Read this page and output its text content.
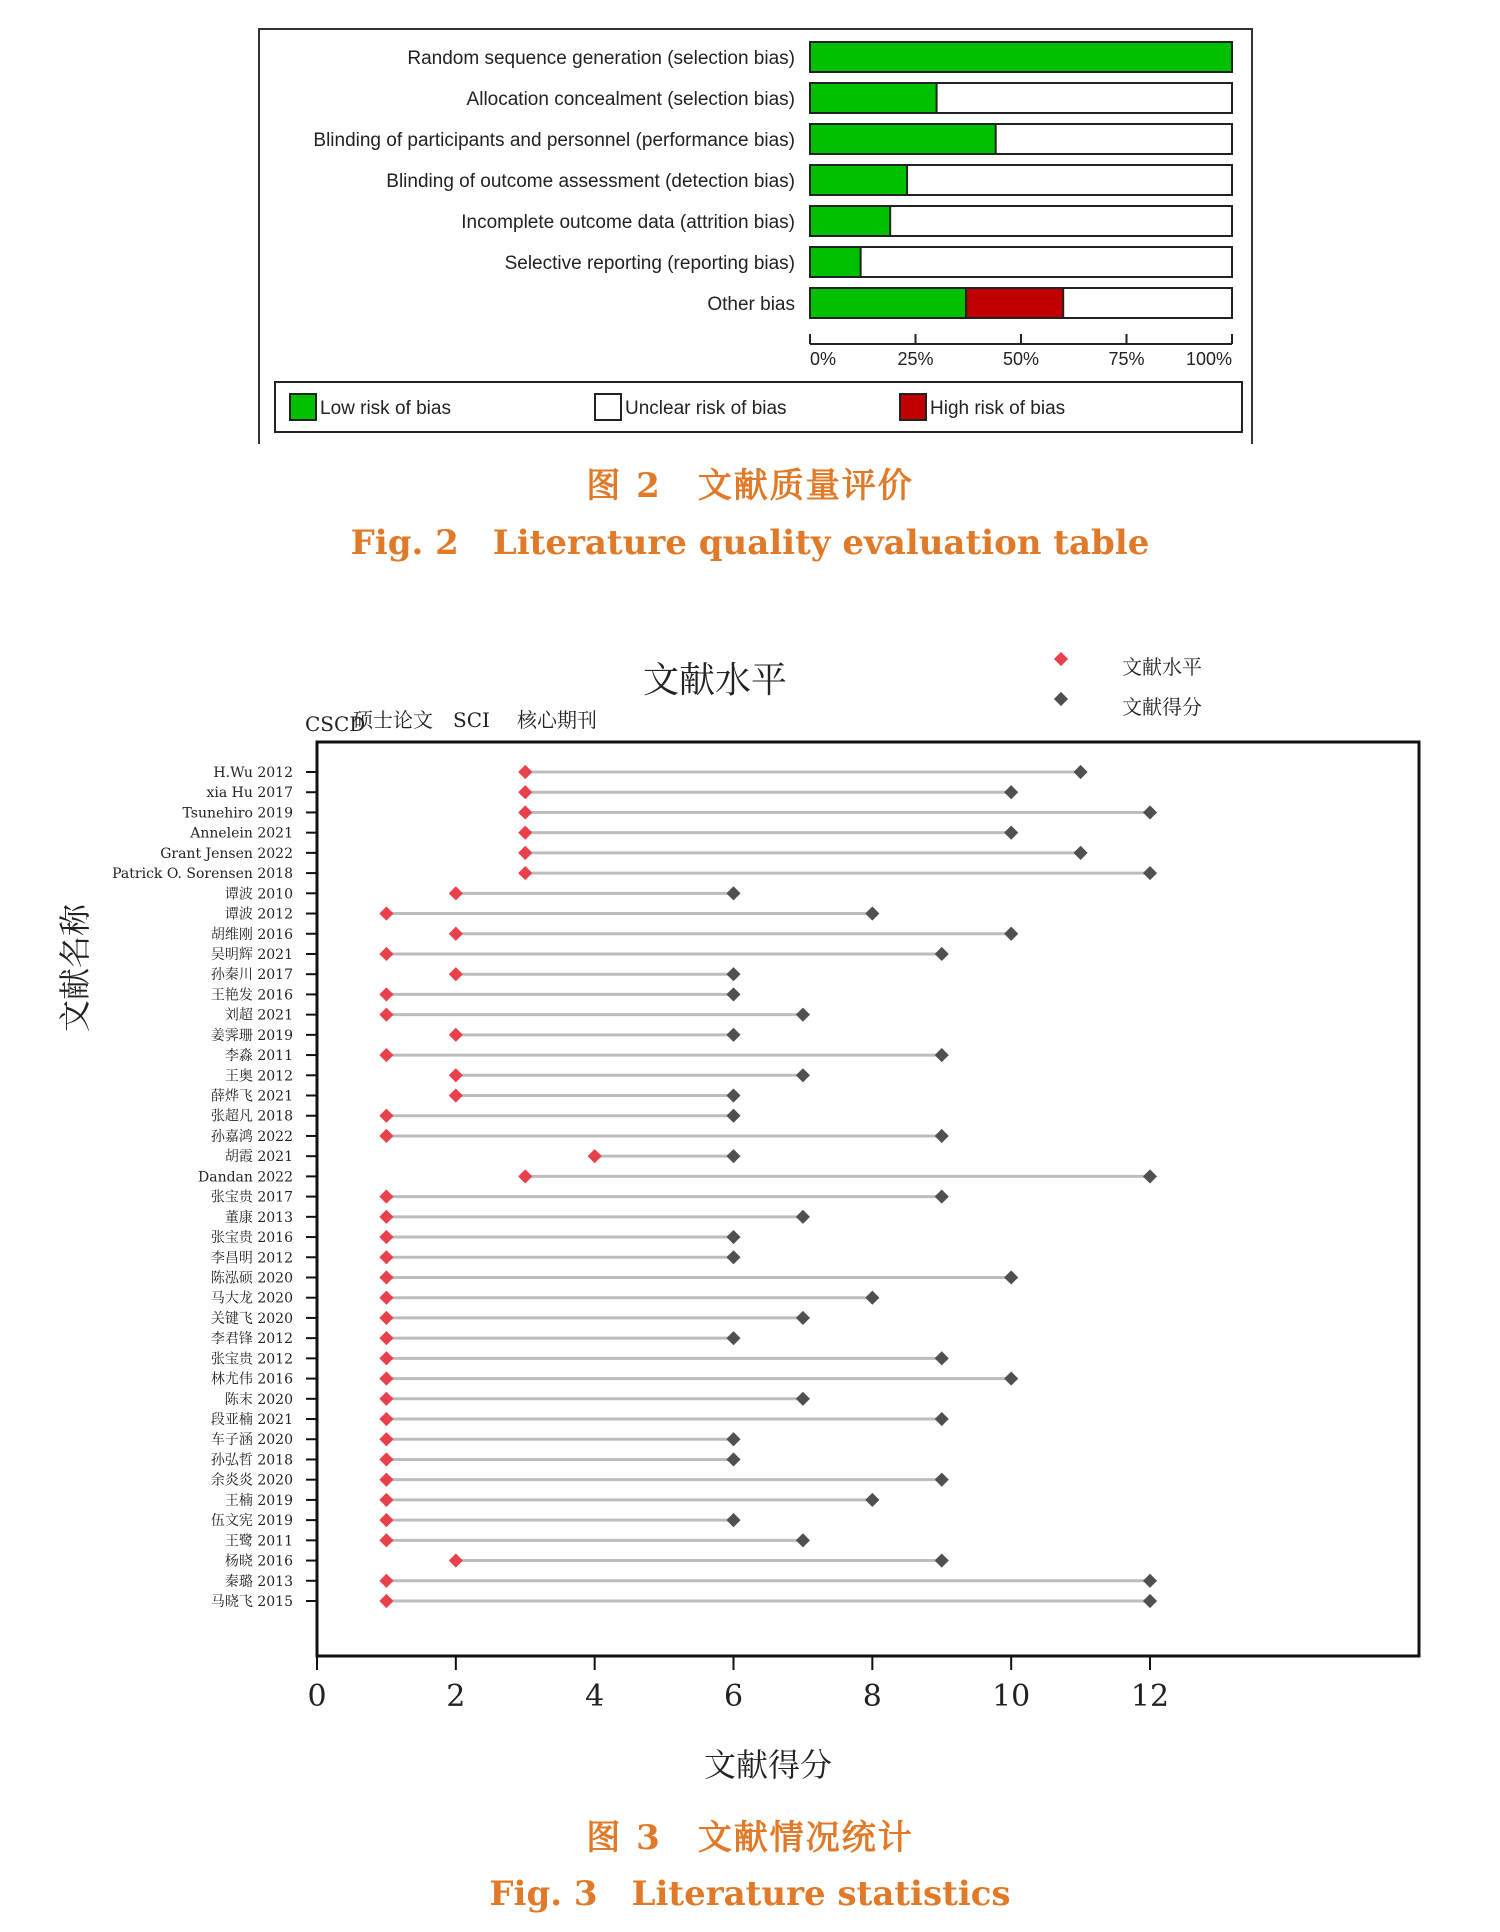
Random sequence generation (selection bias)
Allocation concealment (selection bias)
Blinding of participants and personnel (performance bias)
Blinding of outcome assessment (detection bias)
Incomplete outcome data (attrition bias)
Selective reporting (reporting bias)
Other bias
0%	25%	50%	75% 100%
Low risk of bias	Unclear risk of bias	High risk of bias
图 2　文献质量评价
Fig. 2　Literature quality evaluation table
文献水平	文献水平
文献得分
CSCD
硕士论文 SCI 核心期刊
H.Wu 2012
xia Hu 2017
Tsunehiro 2019
Annelein 2021
Grant Jensen 2022
Patrick O. Sorensen 2018
谭波 2010
谭波 2012
胡维刚 2016
吴明辉 2021
孙秦川 2017
王艳发 2016
刘超 2021
姜霁珊 2019
李淼 2011
王奥 2012
薛烨飞 2021
张超凡 2018
孙嘉鸿 2022
胡霞 2021
Dandan 2022
张宝贵 2017
董康 2013
张宝贵 2016
李昌明 2012
陈泓硕 2020
马大龙 2020
关键飞 2020
李君锋 2012
张宝贵 2012
林尤伟 2016
陈末 2020
段亚楠 2021
车子涵 2020
孙弘哲 2018
余炎炎 2020
王楠 2019
伍文宪 2019
王鹭 2011
杨晓 2016
秦璐 2013
马晓飞 2015
0	2	4	6	8	10	12
文献得分
文献名称
图 3　文献情况统计
Fig. 3　Literature statistics
